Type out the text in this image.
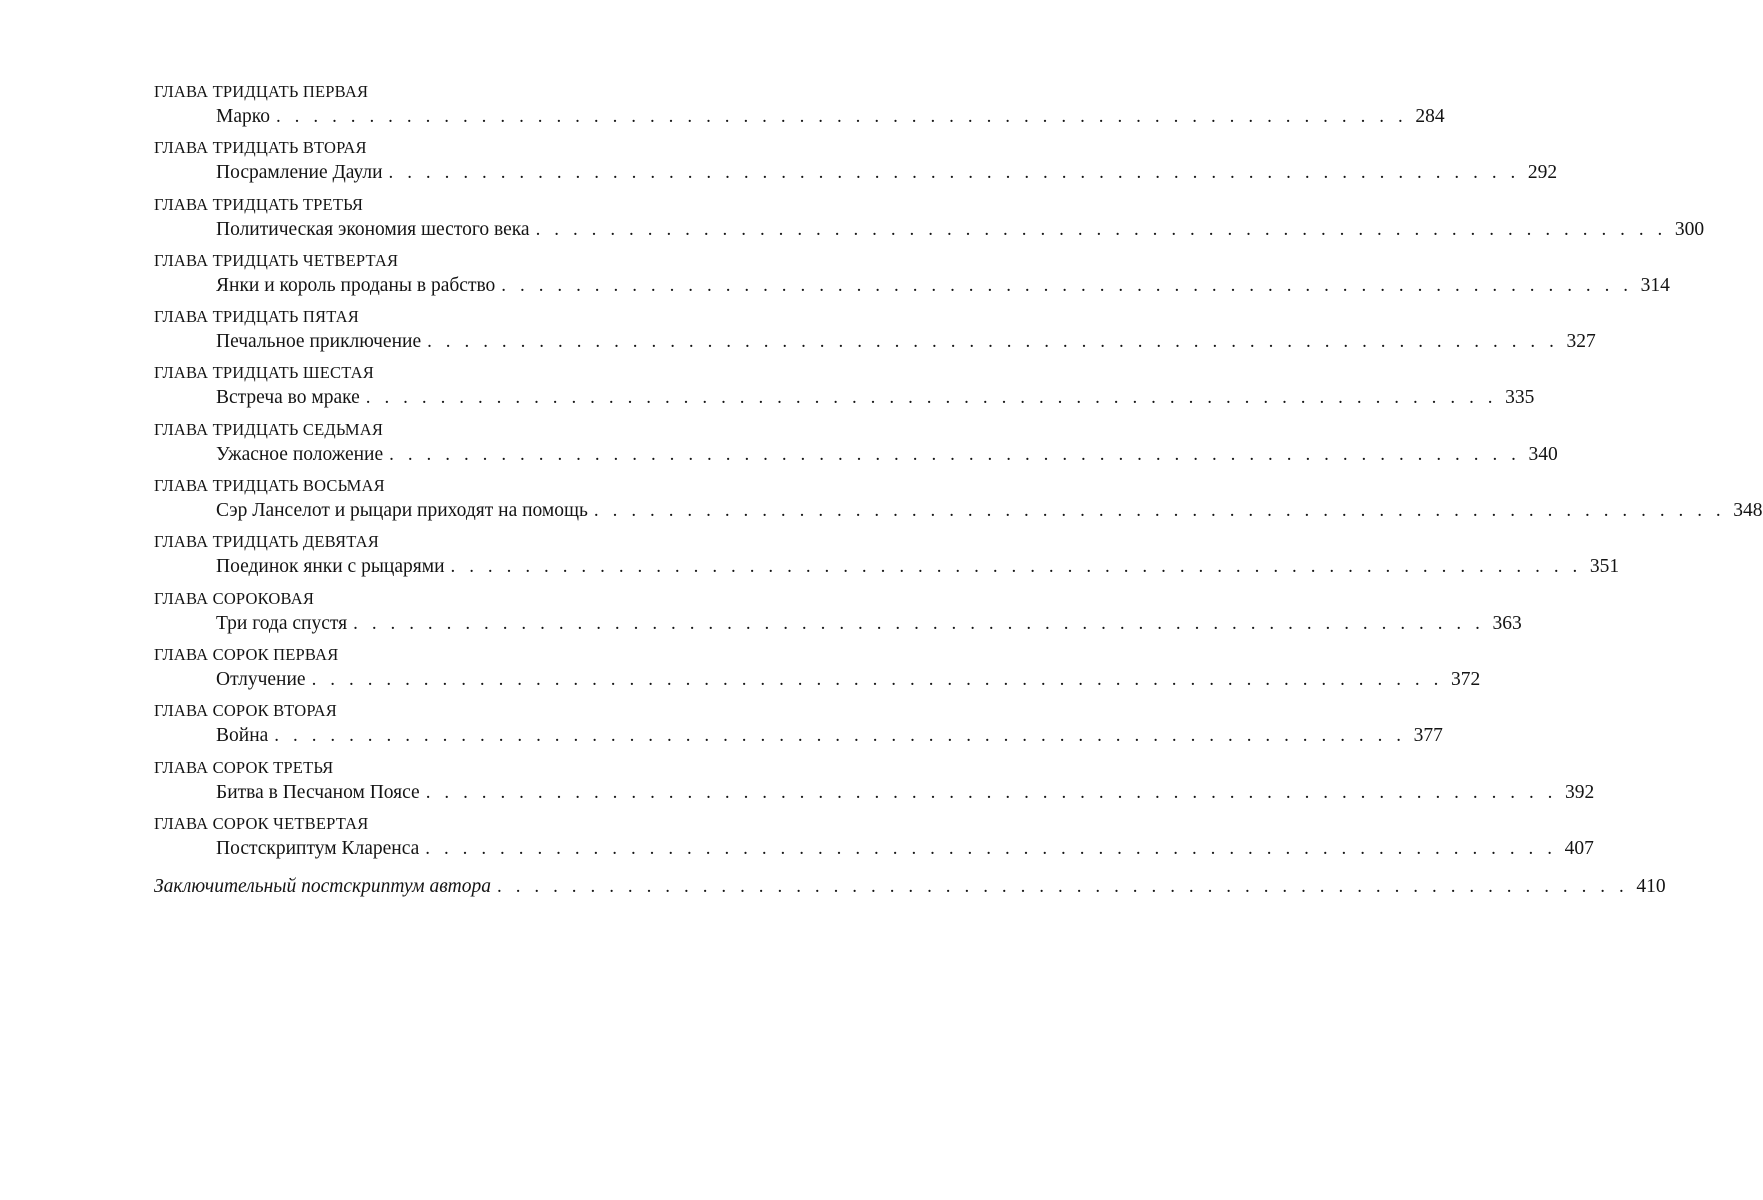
ГЛАВА ТРИДЦАТЬ ПЕРВАЯ
Марко . . . . . . . . . . . . . . . . . . . . . . . . . . . . . . . . . . . . . . . . . . . . . . . . . . . . . . . . . . . . . 284
ГЛАВА ТРИДЦАТЬ ВТОРАЯ
Посрамление Даули . . . . . . . . . . . . . . . . . . . . . . . . . . . . . . . . . . . . . . . . . . . . . . . . . . . . . . . . . . . . . 292
ГЛАВА ТРИДЦАТЬ ТРЕТЬЯ
Политическая экономия шестого века . . . . . . . . . . . . . . . . . . . . . . . . . . . . . . . . . . . . . . . . . . . . . . . . . . . . . . . . . . . . . 300
ГЛАВА ТРИДЦАТЬ ЧЕТВЕРТАЯ
Янки и король проданы в рабство . . . . . . . . . . . . . . . . . . . . . . . . . . . . . . . . . . . . . . . . . . . . . . . . . . . . . . . . . . . . . 314
ГЛАВА ТРИДЦАТЬ ПЯТАЯ
Печальное приключение . . . . . . . . . . . . . . . . . . . . . . . . . . . . . . . . . . . . . . . . . . . . . . . . . . . . . . . . . . . . . 327
ГЛАВА ТРИДЦАТЬ ШЕСТАЯ
Встреча во мраке . . . . . . . . . . . . . . . . . . . . . . . . . . . . . . . . . . . . . . . . . . . . . . . . . . . . . . . . . . . . . 335
ГЛАВА ТРИДЦАТЬ СЕДЬМАЯ
Ужасное положение . . . . . . . . . . . . . . . . . . . . . . . . . . . . . . . . . . . . . . . . . . . . . . . . . . . . . . . . . . . . . 340
ГЛАВА ТРИДЦАТЬ ВОСЬМАЯ
Сэр Ланселот и рыцари приходят на помощь . . . . . . . . . . . . . . . . . . . . . . . . . . . . . . . . . . . . . . . . . . . . . . . . . . . . . . . . . . . . . 348
ГЛАВА ТРИДЦАТЬ ДЕВЯТАЯ
Поединок янки с рыцарями . . . . . . . . . . . . . . . . . . . . . . . . . . . . . . . . . . . . . . . . . . . . . . . . . . . . . . . . . . . . . 351
ГЛАВА СОРОКОВАЯ
Три года спустя . . . . . . . . . . . . . . . . . . . . . . . . . . . . . . . . . . . . . . . . . . . . . . . . . . . . . . . . . . . . . 363
ГЛАВА СОРОК ПЕРВАЯ
Отлучение . . . . . . . . . . . . . . . . . . . . . . . . . . . . . . . . . . . . . . . . . . . . . . . . . . . . . . . . . . . . . 372
ГЛАВА СОРОК ВТОРАЯ
Война . . . . . . . . . . . . . . . . . . . . . . . . . . . . . . . . . . . . . . . . . . . . . . . . . . . . . . . . . . . . . 377
ГЛАВА СОРОК ТРЕТЬЯ
Битва в Песчаном Поясе . . . . . . . . . . . . . . . . . . . . . . . . . . . . . . . . . . . . . . . . . . . . . . . . . . . . . . . . . . . . . 392
ГЛАВА СОРОК ЧЕТВЕРТАЯ
Постскриптум Кларенса . . . . . . . . . . . . . . . . . . . . . . . . . . . . . . . . . . . . . . . . . . . . . . . . . . . . . . . . . . . . . 407
Заключительный постскриптум автора . . . . . . . . . . . . . . . . . . . . . . . . . . . . . . . . . . . . . . . . . . . . . . . . . . . . . . . . . . . . . 410
